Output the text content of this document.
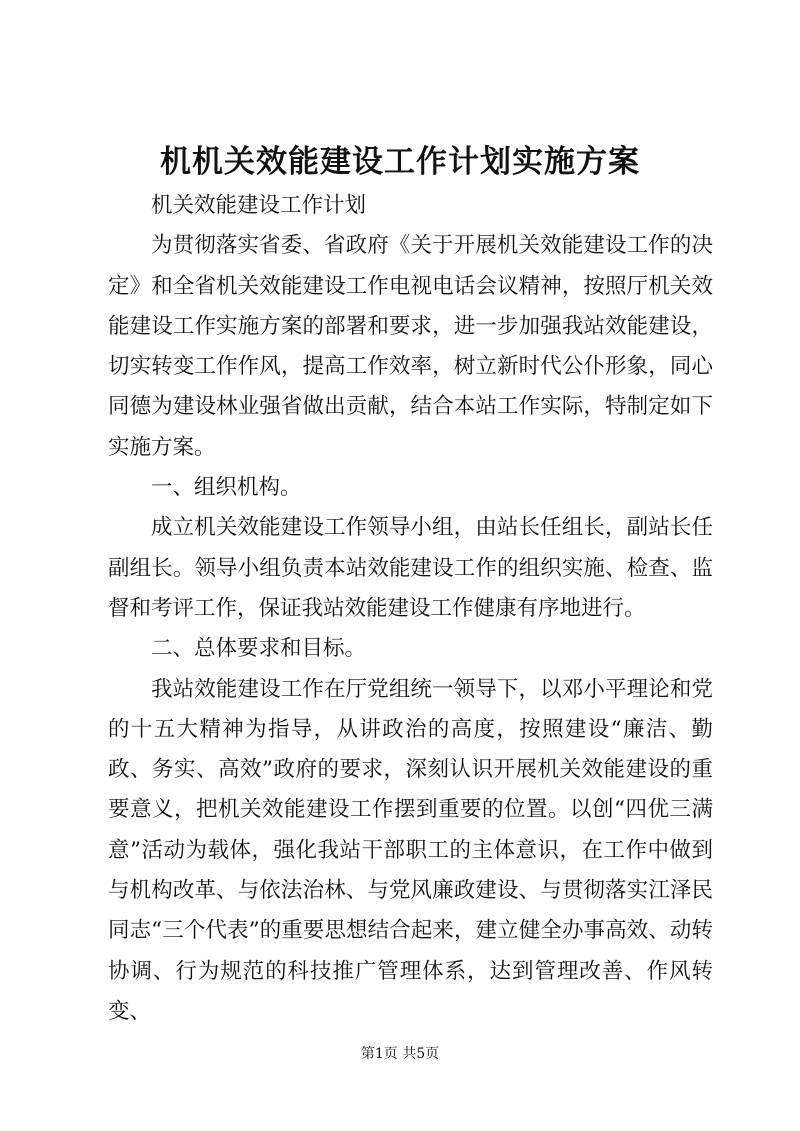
机机关效能建设工作计划实施方案

机关效能建设工作计划

为贯彻落实省委、省政府《关于开展机关效能建设工作的决定》和全省机关效能建设工作电视电话会议精神，按照厅机关效能建设工作实施方案的部署和要求，进一步加强我站效能建设，切实转变工作作风，提高工作效率，树立新时代公仆形象，同心同德为建设林业强省做出贡献，结合本站工作实际，特制定如下实施方案。

一、组织机构。

成立机关效能建设工作领导小组，由站长任组长，副站长任副组长。领导小组负责本站效能建设工作的组织实施、检查、监督和考评工作，保证我站效能建设工作健康有序地进行。

二、总体要求和目标。

我站效能建设工作在厅党组统一领导下，以邓小平理论和党的十五大精神为指导，从讲政治的高度，按照建设“廉洁、勤政、务实、高效”政府的要求，深刻认识开展机关效能建设的重要意义，把机关效能建设工作摆到重要的位置。以创“四优三满意”活动为载体，强化我站干部职工的主体意识，在工作中做到与机构改革、与依法治林、与党风廉政建设、与贯彻落实江泽民同志“三个代表”的重要思想结合起来，建立健全办事高效、动转协调、行为规范的科技推广管理体系，达到管理改善、作风转变、

第1页 共5页
